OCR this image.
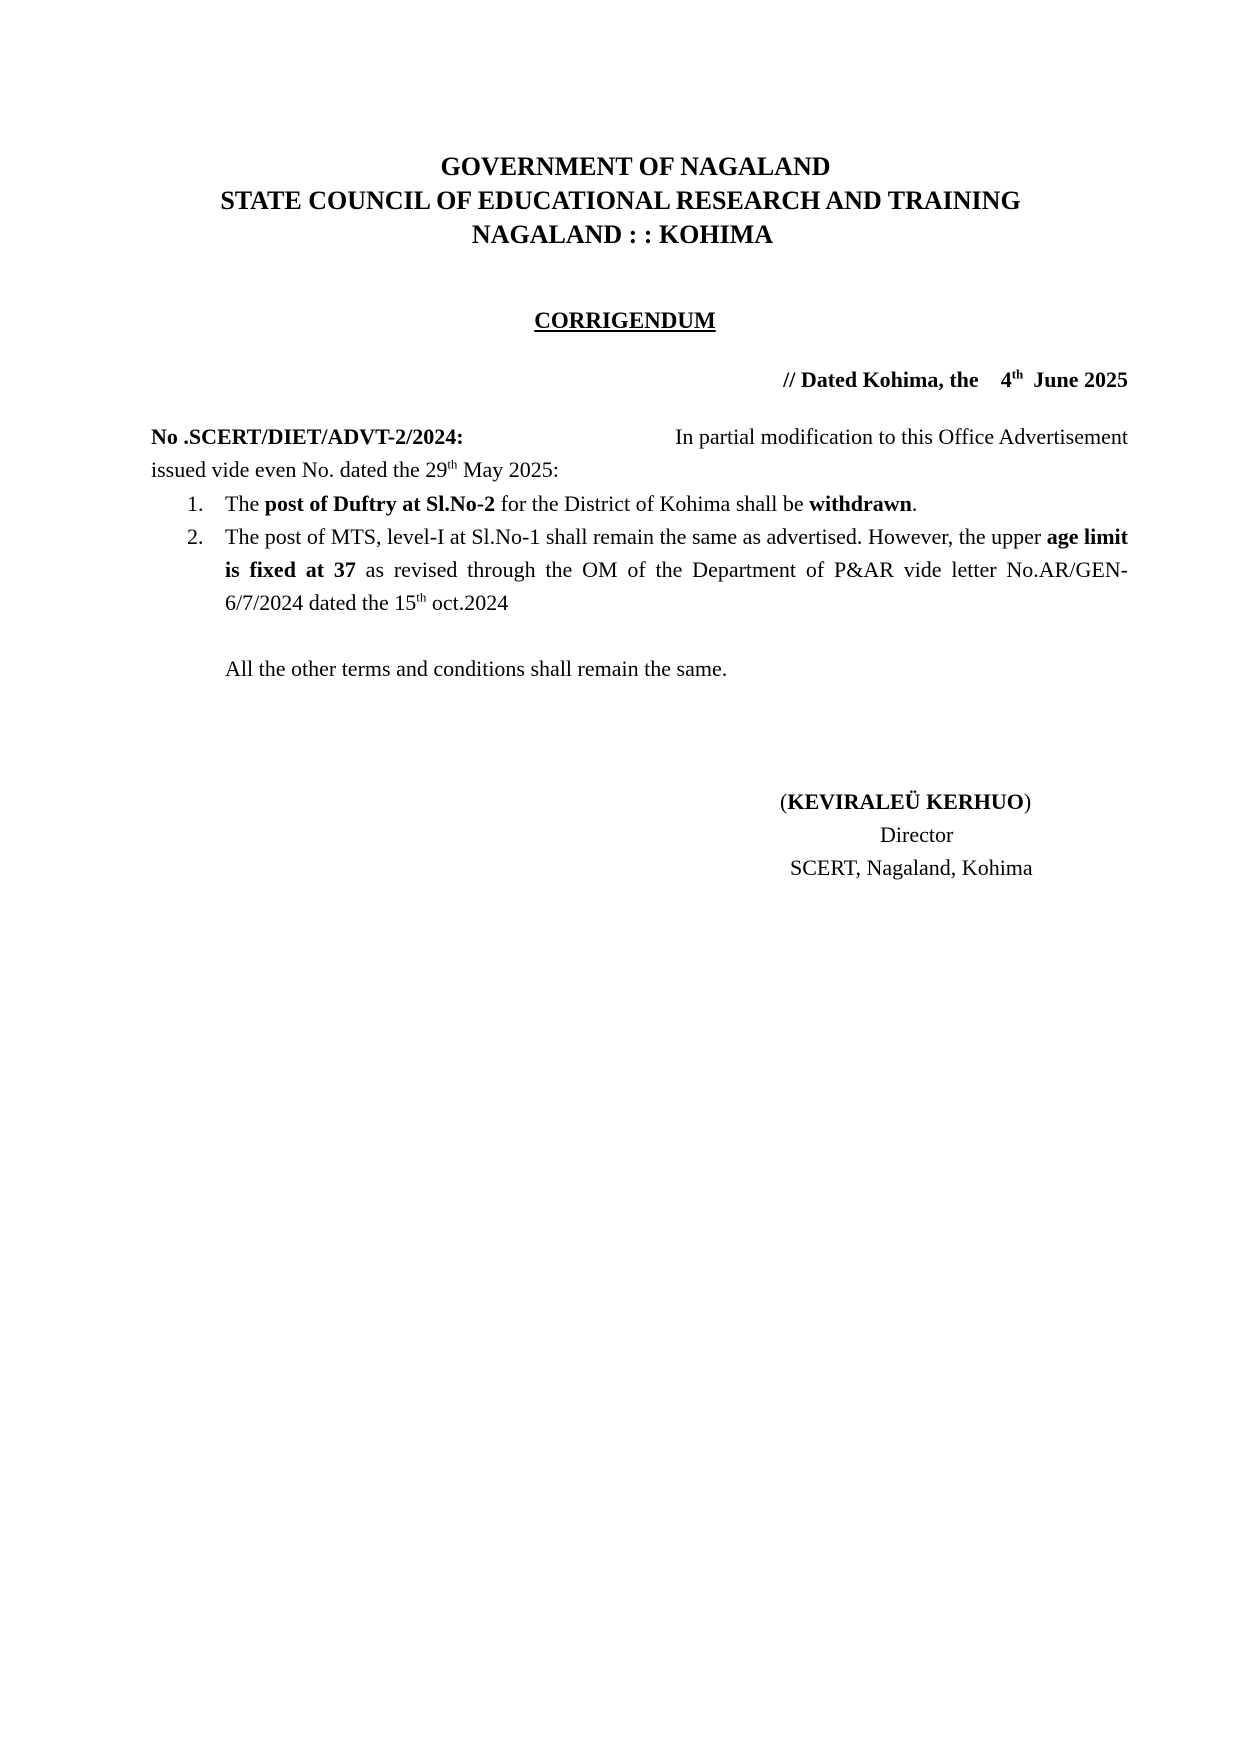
GOVERNMENT OF NAGALAND
STATE COUNCIL OF EDUCATIONAL RESEARCH AND TRAINING
NAGALAND : : KOHIMA
CORRIGENDUM
// Dated Kohima, the 4th June 2025
No .SCERT/DIET/ADVT-2/2024:	In partial modification to this Office Advertisement
issued vide even No. dated the 29th May 2025:
1. The post of Duftry at Sl.No-2 for the District of Kohima shall be withdrawn.
2. The post of MTS, level-I at Sl.No-1 shall remain the same as advertised. However, the upper age limit is fixed at 37 as revised through the OM of the Department of P&AR vide letter No.AR/GEN-6/7/2024 dated the 15th oct.2024
All the other terms and conditions shall remain the same.
(KEVIRALEÜ KERHUO)
Director
SCERT, Nagaland, Kohima
